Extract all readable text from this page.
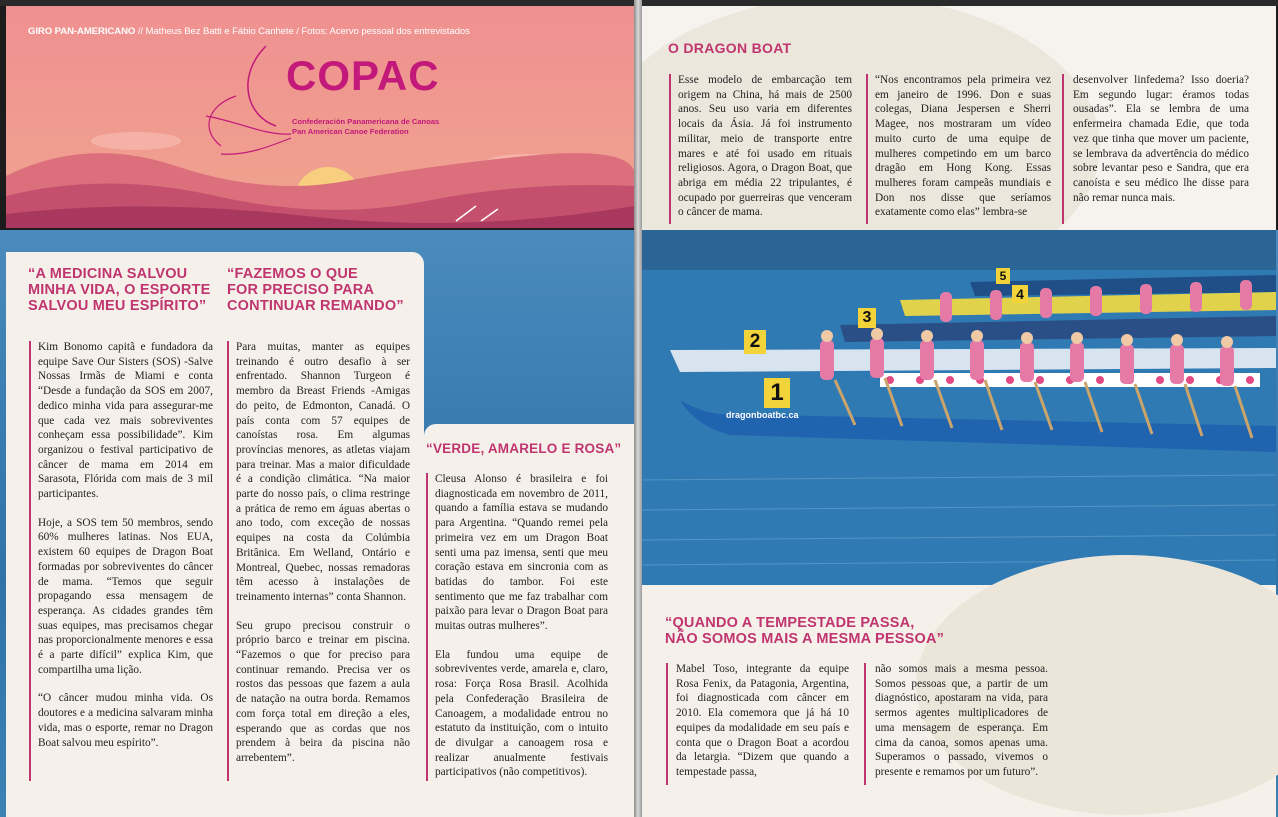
GIRO PAN-AMERICANO // Matheus Bez Batti e Fábio Canhete / Fotos: Acervo pessoal dos entrevistados
COPAC
Confederación Panamericana de Canoas
Pan American Canoe Federation
O DRAGON BOAT
Esse modelo de embarcação tem origem na China, há mais de 2500 anos. Seu uso varia em diferentes locais da Ásia. Já foi instrumento militar, meio de transporte entre mares e até foi usado em rituais religiosos. Agora, o Dragon Boat, que abriga em média 22 tripulantes, é ocupado por guerreiras que venceram o câncer de mama.
“Nos encontramos pela primeira vez em janeiro de 1996. Don e suas colegas, Diana Jespersen e Sherri Magee, nos mostraram um vídeo muito curto de uma equipe de mulheres competindo em um barco dragão em Hong Kong. Essas mulheres foram campeãs mundiais e Don nos disse que seríamos exatamente como elas” lembra-se
desenvolver linfedema? Isso doeria? Em segundo lugar: éramos todas ousadas”. Ela se lembra de uma enfermeira chamada Edie, que toda vez que tinha que mover um paciente, se lembrava da advertência do médico sobre levantar peso e Sandra, que era canoísta e seu médico lhe disse para não remar nunca mais.
dragonboatbc.ca
1
2
3
4
5
“A MEDICINA SALVOU
MINHA VIDA, O ESPORTE
SALVOU MEU ESPÍRITO”
Kim Bonomo capitã e fundadora da equipe Save Our Sisters (SOS) -Salve Nossas Irmãs de Miami e conta “Desde a fundação da SOS em 2007, dedico minha vida para assegurar-me que cada vez mais sobreviventes conheçam essa possibilidade”. Kim organizou o festival participativo de câncer de mama em 2014 em Sarasota, Flórida com mais de 3 mil participantes.
Hoje, a SOS tem 50 membros, sendo 60% mulheres latinas. Nos EUA, existem 60 equipes de Dragon Boat formadas por sobreviventes do câncer de mama. “Temos que seguir propagando essa mensagem de esperança. As cidades grandes têm suas equipes, mas precisamos chegar nas proporcionalmente menores e essa é a parte difícil” explica Kim, que compartilha uma lição.
“O câncer mudou minha vida. Os doutores e a medicina salvaram minha vida, mas o esporte, remar no Dragon Boat salvou meu espírito”.
“FAZEMOS O QUE
FOR PRECISO PARA
CONTINUAR REMANDO”
Para muitas, manter as equipes treinando é outro desafio à ser enfrentado. Shannon Turgeon é membro da Breast Friends -Amigas do peito, de Edmonton, Canadá. O país conta com 57 equipes de canoístas rosa. Em algumas províncias menores, as atletas viajam para treinar. Mas a maior dificuldade é a condição climática. “Na maior parte do nosso país, o clima restringe a prática de remo em águas abertas o ano todo, com exceção de nossas equipes na costa da Colúmbia Britânica. Em Welland, Ontário e Montreal, Quebec, nossas remadoras têm acesso à instalações de treinamento internas” conta Shannon.
Seu grupo precisou construir o próprio barco e treinar em piscina. “Fazemos o que for preciso para continuar remando. Precisa ver os rostos das pessoas que fazem a aula de natação na outra borda. Remamos com força total em direção a eles, esperando que as cordas que nos prendem à beira da piscina não arrebentem”.
“VERDE, AMARELO E ROSA”
Cleusa Alonso é brasileira e foi diagnosticada em novembro de 2011, quando a família estava se mudando para Argentina. “Quando remei pela primeira vez em um Dragon Boat senti uma paz imensa, senti que meu coração estava em sincronia com as batidas do tambor. Foi este sentimento que me faz trabalhar com paixão para levar o Dragon Boat para muitas outras mulheres”.
Ela fundou uma equipe de sobreviventes verde, amarela e, claro, rosa: Força Rosa Brasil. Acolhida pela Confederação Brasileira de Canoagem, a modalidade entrou no estatuto da instituição, com o intuito de divulgar a canoagem rosa e realizar anualmente festivais participativos (não competitivos).
“QUANDO A TEMPESTADE PASSA,
NÃO SOMOS MAIS A MESMA PESSOA”
Mabel Toso, integrante da equipe Rosa Fenix, da Patagonia, Argentina, foi diagnosticada com câncer em 2010. Ela comemora que já há 10 equipes da modalidade em seu país e conta que o Dragon Boat a acordou da letargia. “Dizem que quando a tempestade passa,
não somos mais a mesma pessoa. Somos pessoas que, a partir de um diagnóstico, apostaram na vida, para sermos agentes multiplicadores de uma mensagem de esperança. Em cima da canoa, somos apenas uma. Superamos o passado, vivemos o presente e remamos por um futuro”.
